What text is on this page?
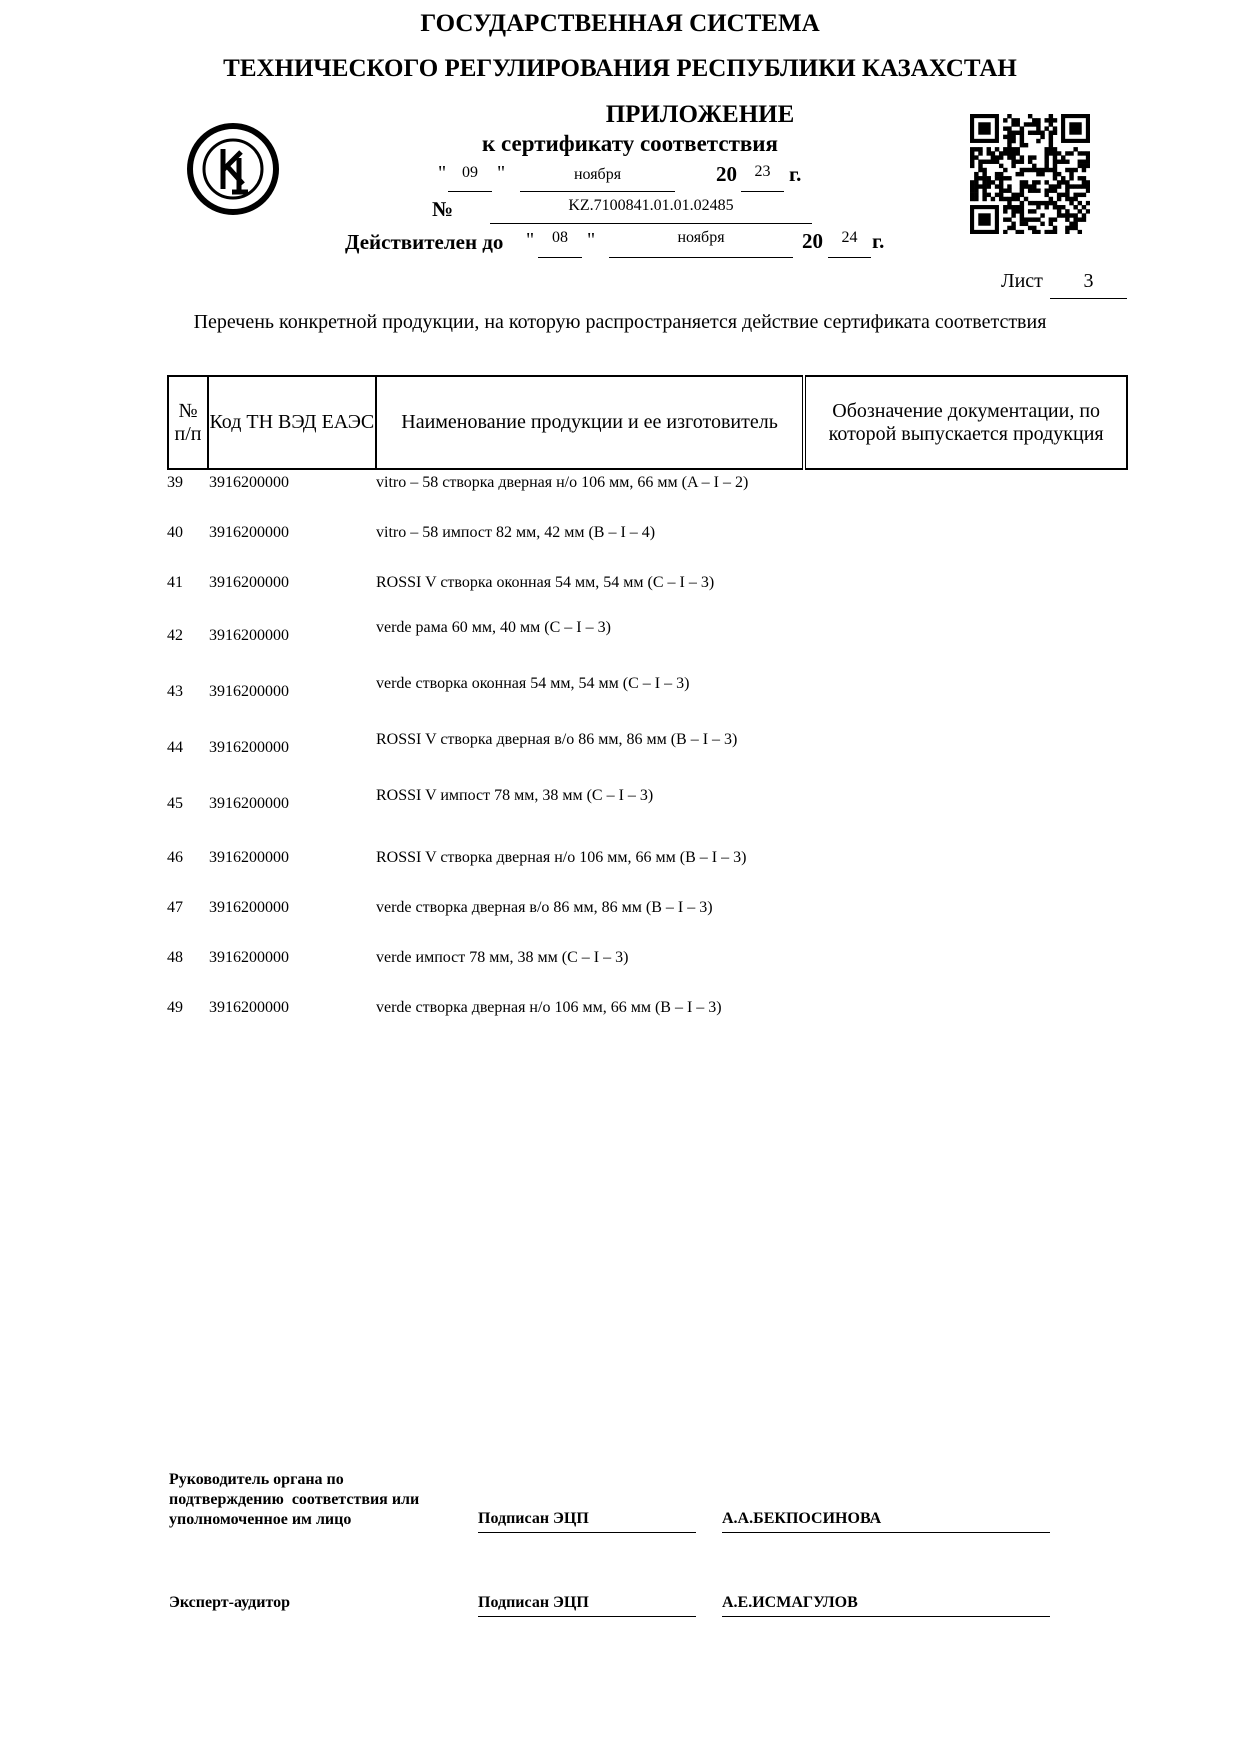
ГОСУДАРСТВЕННАЯ СИСТЕМА
ТЕХНИЧЕСКОГО РЕГУЛИРОВАНИЯ РЕСПУБЛИКИ КАЗАХСТАН
ПРИЛОЖЕНИЕ
к сертификату соответствия
" 09 "	ноября	20	23 г.
№	KZ.7100841.01.01.02485
Действителен до "	08 "	ноября	20	24 г.
Лист	3
Перечень конкретной продукции, на которую распространяется действие сертификата соответствия
№ п/п	Код ТН ВЭД ЕАЭС	Наименование продукции и ее изготовитель	Обозначение документации, по которой выпускается продукция
39 3916200000	vitro – 58 створка дверная н/о 106 мм, 66 мм (A – I – 2)
40 3916200000	vitro – 58 импост 82 мм, 42 мм (B – I – 4)
41 3916200000	ROSSI V створка оконная 54 мм, 54 мм (C – I – 3)
42 3916200000	verde рама 60 мм, 40 мм (C – I – 3)
43 3916200000	verde створка оконная 54 мм, 54 мм (C – I – 3)
44 3916200000	ROSSI V створка дверная в/о 86 мм, 86 мм (B – I – 3)
45 3916200000	ROSSI V импост 78 мм, 38 мм (C – I – 3)
46 3916200000	ROSSI V створка дверная н/о 106 мм, 66 мм (B – I – 3)
47 3916200000	verde створка дверная в/о 86 мм, 86 мм (B – I – 3)
48 3916200000	verde импост 78 мм, 38 мм (C – I – 3)
49 3916200000	verde створка дверная н/о 106 мм, 66 мм (B – I – 3)
Руководитель органа по
подтверждению  соответствия или
уполномоченное им лицо	Подписан ЭЦП	А.А.БЕКПОСИНОВА
Эксперт-аудитор	Подписан ЭЦП	А.Е.ИСМАГУЛОВ
